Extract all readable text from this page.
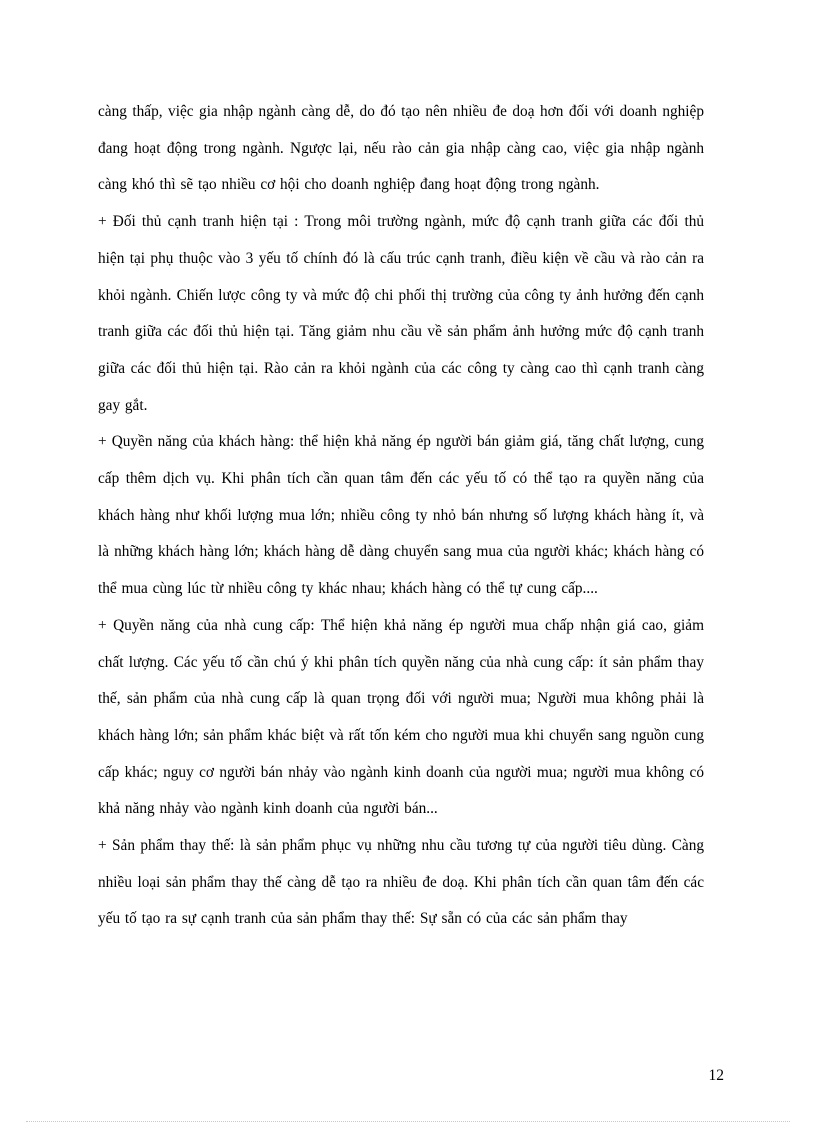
càng thấp, việc gia nhập ngành càng dễ, do đó tạo nên nhiều đe doạ hơn đối với doanh nghiệp đang hoạt động trong ngành. Ngược lại, nếu rào cản gia nhập càng cao, việc gia nhập ngành càng khó thì sẽ tạo nhiều cơ hội cho doanh nghiệp đang hoạt động trong ngành.

+ Đối thủ cạnh tranh hiện tại : Trong môi trường ngành, mức độ cạnh tranh giữa các đối thủ hiện tại phụ thuộc vào 3 yếu tố chính đó là cấu trúc cạnh tranh, điều kiện về cầu và rào cản ra khỏi ngành. Chiến lược công ty và mức độ chi phối thị trường của công ty ảnh hưởng đến cạnh tranh giữa các đối thủ hiện tại. Tăng giảm nhu cầu về sản phẩm ảnh hưởng mức độ cạnh tranh giữa các đối thủ hiện tại. Rào cản ra khỏi ngành của các công ty càng cao thì cạnh tranh càng gay gắt.

+ Quyền năng của khách hàng: thể hiện khả năng ép người bán giảm giá, tăng chất lượng, cung cấp thêm dịch vụ. Khi phân tích cần quan tâm đến các yếu tố có thể tạo ra quyền năng của khách hàng như khối lượng mua lớn; nhiều công ty nhỏ bán nhưng số lượng khách hàng ít, và là những khách hàng lớn; khách hàng dễ dàng chuyển sang mua của người khác; khách hàng có thể mua cùng lúc từ nhiều công ty khác nhau; khách hàng có thể tự cung cấp....

+ Quyền năng của nhà cung cấp: Thể hiện khả năng ép người mua chấp nhận giá cao, giảm chất lượng. Các yếu tố cần chú ý khi phân tích quyền năng của nhà cung cấp: ít sản phẩm thay thế, sản phẩm của nhà cung cấp là quan trọng đối với người mua; Người mua không phải là khách hàng lớn; sản phẩm khác biệt và rất tốn kém cho người mua khi chuyển sang nguồn cung cấp khác; nguy cơ người bán nhảy vào ngành kinh doanh của người mua; người mua không có khả năng nhảy vào ngành kinh doanh của người bán...

+ Sản phẩm thay thế: là sản phẩm phục vụ những nhu cầu tương tự của người tiêu dùng. Càng nhiều loại sản phẩm thay thế càng dễ tạo ra nhiều đe doạ. Khi phân tích cần quan tâm đến các yếu tố tạo ra sự cạnh tranh của sản phẩm thay thế: Sự sẵn có của các sản phẩm thay

12
